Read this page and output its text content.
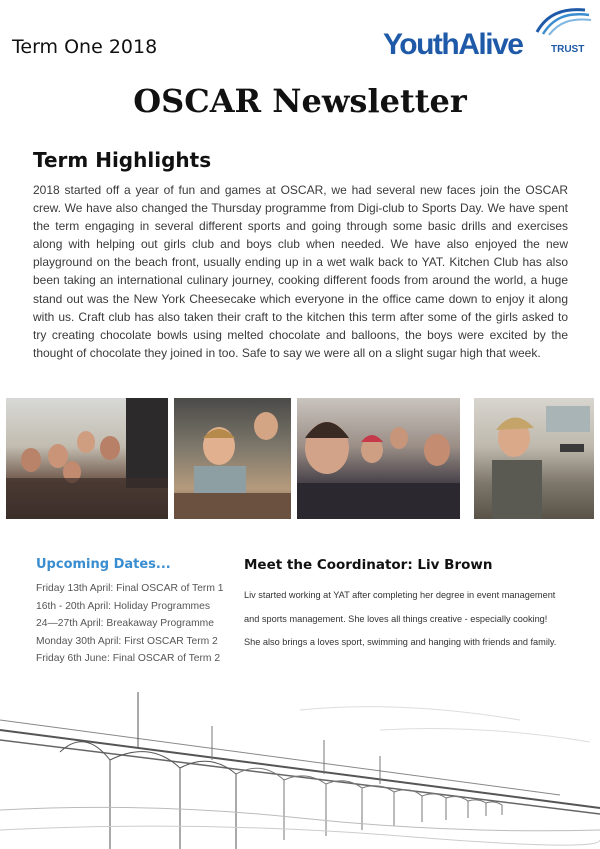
Term One 2018	YouthAlive	TRUST
OSCAR Newsletter
Term Highlights

2018 started off a year of fun and games at OSCAR, we had several new faces join the OSCAR crew. We have also changed the Thursday programme from Digi-club to Sports Day. We have spent the term engaging in several different sports and going through some basic drills and exercises along with helping out girls club and boys club when needed. We have also enjoyed the new playground on the beach front, usually ending up in a wet walk back to YAT. Kitchen Club has also been taking an international culinary journey, cooking different foods from around the world, a huge stand out was the New York Cheesecake which everyone in the office came down to enjoy it along with us. Craft club has also taken their craft to the kitchen this term after some of the girls asked to try creating chocolate bowls using melted chocolate and balloons, the boys were excited by the thought of chocolate they joined in too. Safe to say we were all on a slight sugar high that week.

Upcoming Dates...
Friday 13th April: Final OSCAR of Term 1
16th - 20th April: Holiday Programmes
24—27th April: Breakaway Programme
Monday 30th April: First OSCAR Term 2
Friday 6th June: Final OSCAR of Term 2
Meet the Coordinator: Liv Brown
Liv started working at YAT after completing her degree in event management
and sports management. She loves all things creative - especially cooking!
She also brings a loves sport, swimming and hanging with friends and family.
